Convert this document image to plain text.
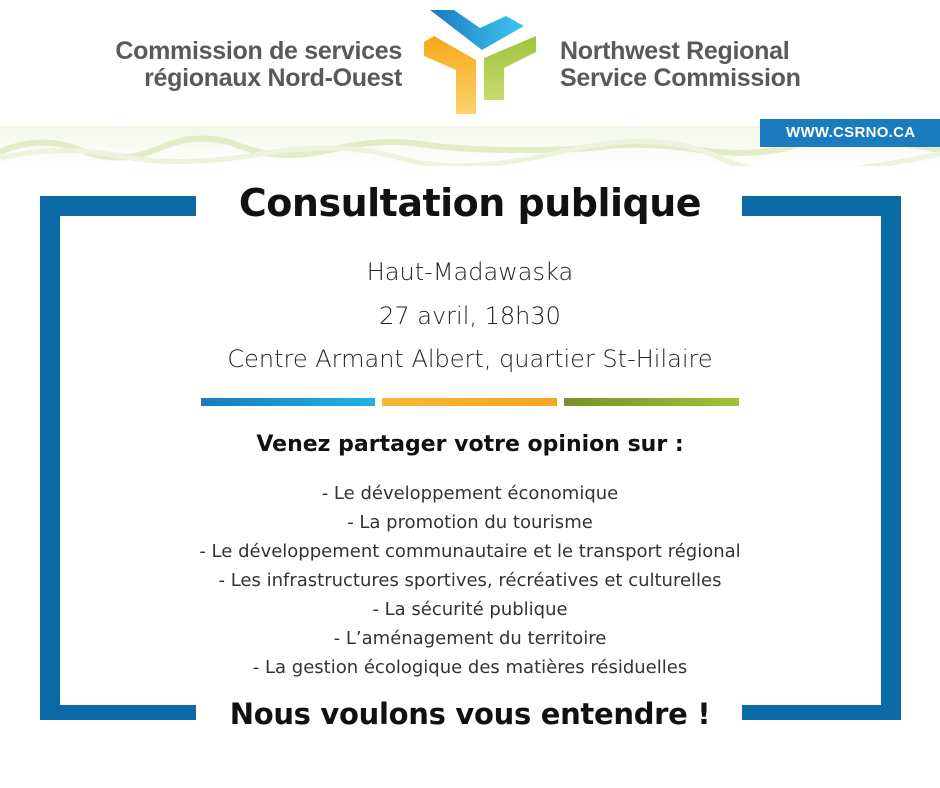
Commission de services
régionaux Nord-Ouest
Northwest Regional
Service Commission
WWW.CSRNO.CA
Consultation publique
Haut-Madawaska
27 avril, 18h30
Centre Armant Albert, quartier St-Hilaire
Venez partager votre opinion sur :
- Le développement économique
- La promotion du tourisme
- Le développement communautaire et le transport régional
- Les infrastructures sportives, récréatives et culturelles
- La sécurité publique
- L’aménagement du territoire
- La gestion écologique des matières résiduelles
Nous voulons vous entendre !
